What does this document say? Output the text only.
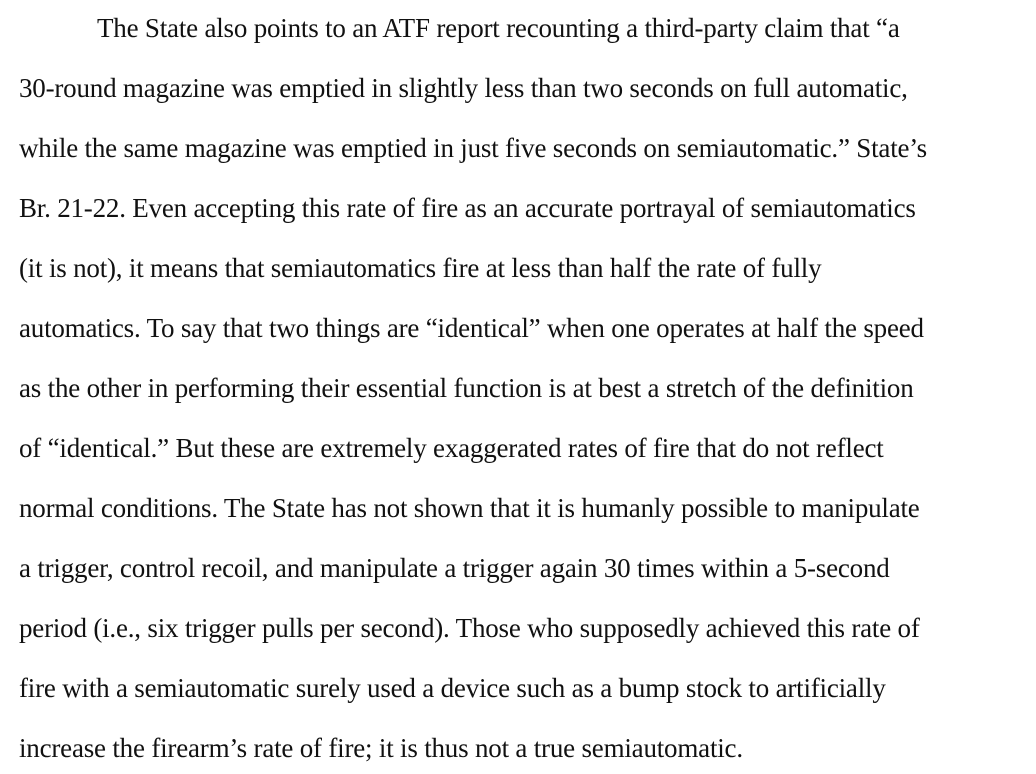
The State also points to an ATF report recounting a third-party claim that “a
30-round magazine was emptied in slightly less than two seconds on full automatic,
while the same magazine was emptied in just five seconds on semiautomatic.” State’s
Br. 21-22. Even accepting this rate of fire as an accurate portrayal of semiautomatics
(it is not), it means that semiautomatics fire at less than half the rate of fully
automatics. To say that two things are “identical” when one operates at half the speed
as the other in performing their essential function is at best a stretch of the definition
of “identical.” But these are extremely exaggerated rates of fire that do not reflect
normal conditions. The State has not shown that it is humanly possible to manipulate
a trigger, control recoil, and manipulate a trigger again 30 times within a 5-second
period (i.e., six trigger pulls per second). Those who supposedly achieved this rate of
fire with a semiautomatic surely used a device such as a bump stock to artificially
increase the firearm’s rate of fire; it is thus not a true semiautomatic.
